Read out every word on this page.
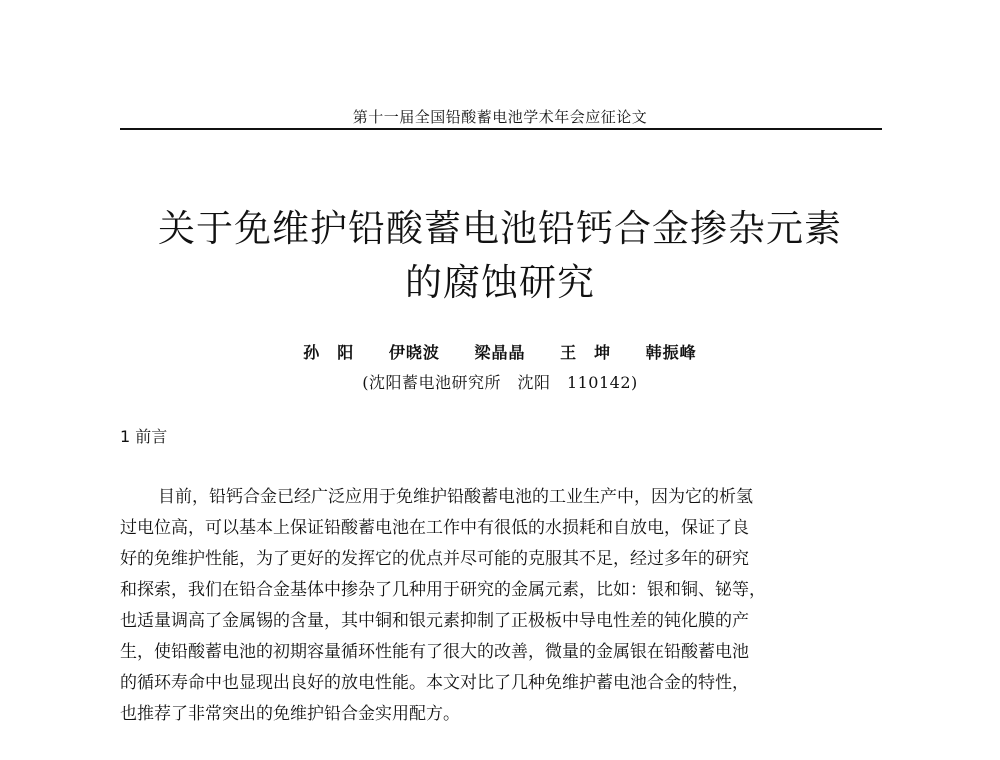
第十一届全国铅酸蓄电池学术年会应征论文
关于免维护铅酸蓄电池铅钙合金掺杂元素
的腐蚀研究
孙　阳 伊晓波 梁晶晶 王　坤 韩振峰
(沈阳蓄电池研究所　沈阳　110142)
1 前言

目前，铅钙合金已经广泛应用于免维护铅酸蓄电池的工业生产中，因为它的析氢
过电位高，可以基本上保证铅酸蓄电池在工作中有很低的水损耗和自放电，保证了良
好的免维护性能，为了更好的发挥它的优点并尽可能的克服其不足，经过多年的研究
和探索，我们在铅合金基体中掺杂了几种用于研究的金属元素，比如：银和铜、铋等，
也适量调高了金属锡的含量，其中铜和银元素抑制了正极板中导电性差的钝化膜的产
生，使铅酸蓄电池的初期容量循环性能有了很大的改善，微量的金属银在铅酸蓄电池
的循环寿命中也显现出良好的放电性能。本文对比了几种免维护蓄电池合金的特性，
也推荐了非常突出的免维护铅合金实用配方。
